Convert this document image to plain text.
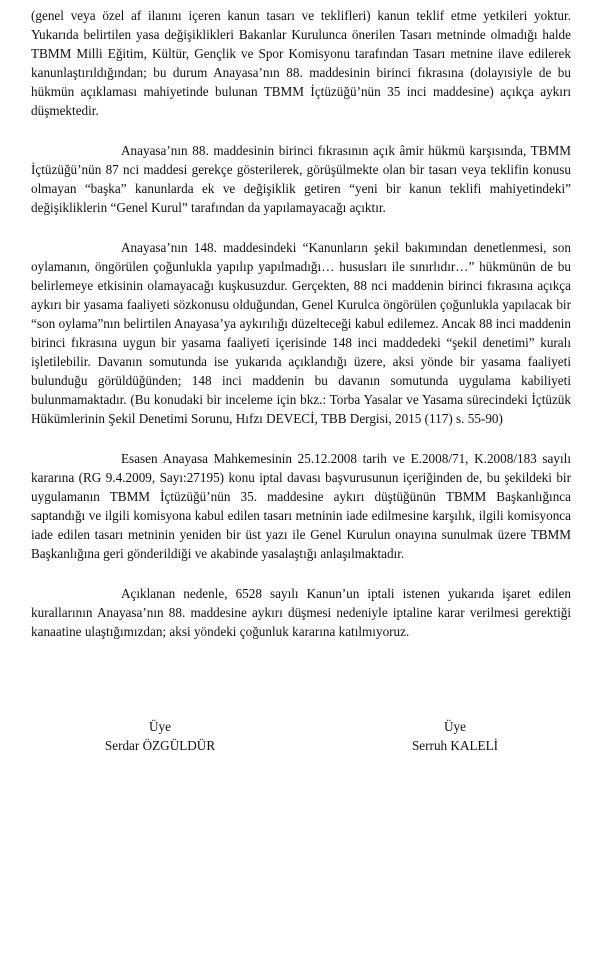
(genel veya özel af ilanını içeren kanun tasarı ve teklifleri) kanun teklif etme yetkileri yoktur. Yukarıda belirtilen yasa değişiklikleri Bakanlar Kurulunca önerilen Tasarı metninde olmadığı halde TBMM Milli Eğitim, Kültür, Gençlik ve Spor Komisyonu tarafından Tasarı metnine ilave edilerek kanunlaştırıldığından; bu durum Anayasa’nın 88. maddesinin birinci fıkrasına (dolayısiyle de bu hükmün açıklaması mahiyetinde bulunan TBMM İçtüzüğü’nün 35 inci maddesine) açıkça aykırı düşmektedir.

Anayasa’nın 88. maddesinin birinci fıkrasının açık âmir hükmü karşısında, TBMM İçtüzüğü’nün 87 nci maddesi gerekçe gösterilerek, görüşülmekte olan bir tasarı veya teklifin konusu olmayan “başka” kanunlarda ek ve değişiklik getiren “yeni bir kanun teklifi mahiyetindeki” değişikliklerin “Genel Kurul” tarafından da yapılamayacağı açıktır.

Anayasa’nın 148. maddesindeki “Kanunların şekil bakımından denetlenmesi, son oylamanın, öngörülen çoğunlukla yapılıp yapılmadığı… hususları ile sınırlıdır…” hükmünün de bu belirlemeye etkisinin olamayacağı kuşkusuzdur. Gerçekten, 88 nci maddenin birinci fıkrasına açıkça aykırı bir yasama faaliyeti sözkonusu olduğundan, Genel Kurulca öngörülen çoğunlukla yapılacak bir “son oylama”nın belirtilen Anayasa’ya aykırılığı düzelteceği kabul edilemez. Ancak 88 inci maddenin birinci fıkrasına uygun bir yasama faaliyeti içerisinde 148 inci maddedeki “şekil denetimi” kuralı işletilebilir. Davanın somutunda ise yukarıda açıklandığı üzere, aksi yönde bir yasama faaliyeti bulunduğu görüldüğünden; 148 inci maddenin bu davanın somutunda uygulama kabiliyeti bulunmamaktadır. (Bu konudaki bir inceleme için bkz.: Torba Yasalar ve Yasama sürecindeki İçtüzük Hükümlerinin Şekil Denetimi Sorunu, Hıfzı DEVECİ, TBB Dergisi, 2015 (117) s. 55-90)

Esasen Anayasa Mahkemesinin 25.12.2008 tarih ve E.2008/71, K.2008/183 sayılı kararına (RG 9.4.2009, Sayı:27195) konu iptal davası başvurusunun içeriğinden de, bu şekildeki bir uygulamanın TBMM İçtüzüğü’nün 35. maddesine aykırı düştüğünün TBMM Başkanlığınca saptandığı ve ilgili komisyona kabul edilen tasarı metninin iade edilmesine karşılık, ilgili komisyonca iade edilen tasarı metninin yeniden bir üst yazı ile Genel Kurulun onayına sunulmak üzere TBMM Başkanlığına geri gönderildiği ve akabinde yasalaştığı anlaşılmaktadır.

Açıklanan nedenle, 6528 sayılı Kanun’un iptali istenen yukarıda işaret edilen kurallarının Anayasa’nın 88. maddesine aykırı düşmesi nedeniyle iptaline karar verilmesi gerektiği kanaatine ulaştığımızdan; aksi yöndeki çoğunluk kararına katılmıyoruz.

Üye
Serdar ÖZGÜLDÜR
Üye
Serruh KALELİ
